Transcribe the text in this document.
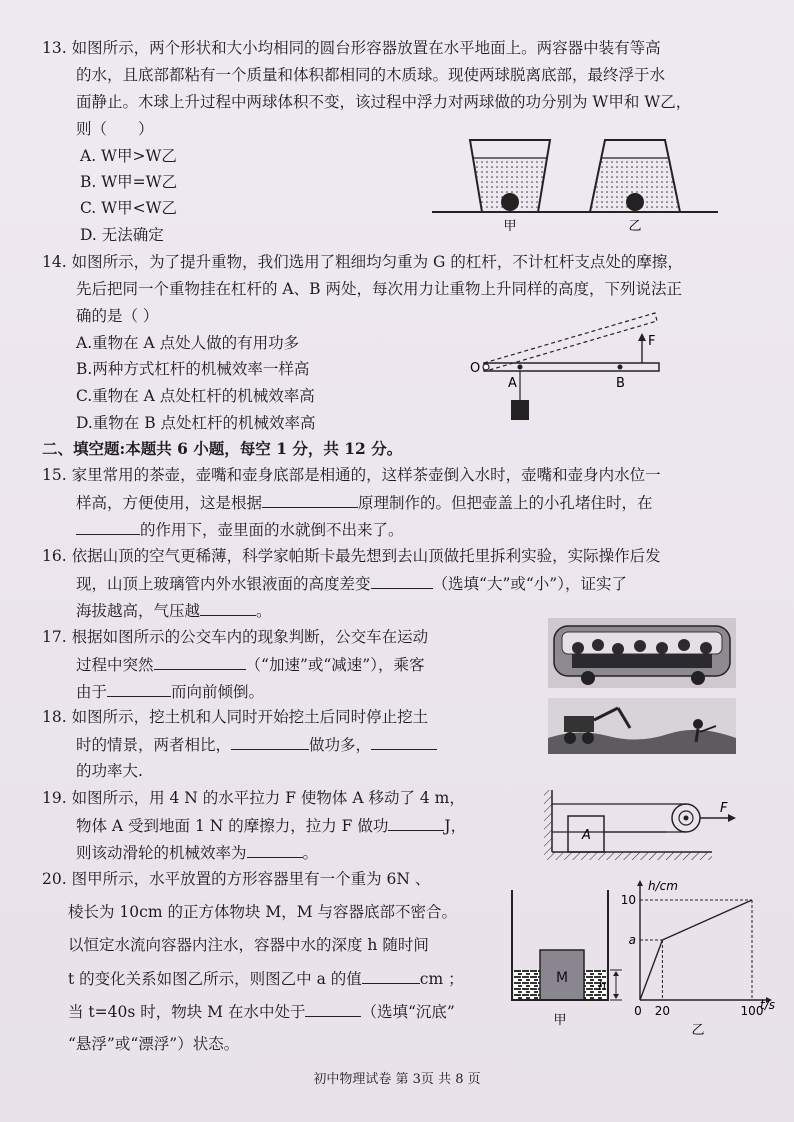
13. 如图所示，两个形状和大小均相同的圆台形容器放置在水平地面上。两容器中装有等高
的水，且底部都粘有一个质量和体积都相同的木质球。现使两球脱离底部，最终浮于水
面静止。木球上升过程中两球体积不变，该过程中浮力对两球做的功分别为 W甲和 W乙，
则（　　）
A. W甲>W乙
B. W甲=W乙
C. W甲<W乙
D. 无法确定	甲	乙
14. 如图所示，为了提升重物，我们选用了粗细均匀重为 G 的杠杆，不计杠杆支点处的摩擦，
先后把同一个重物挂在杠杆的 A、B 两处，每次用力让重物上升同样的高度，下列说法正
确的是（ ）
A.重物在 A 点处人做的有用功多
B.两种方式杠杆的机械效率一样高
C.重物在 A 点处杠杆的机械效率高
D.重物在 B 点处杠杆的机械效率高
O
A	B
F
二、填空题:本题共 6 小题，每空 1 分，共 12 分。
15. 家里常用的茶壶，壶嘴和壶身底部是相通的，这样茶壶倒入水时，壶嘴和壶身内水位一
样高，方便使用，这是根据	原理制作的。但把壶盖上的小孔堵住时，在
的作用下，壶里面的水就倒不出来了。
16. 依据山顶的空气更稀薄，科学家帕斯卡最先想到去山顶做托里拆利实验，实际操作后发
现，山顶上玻璃管内外水银液面的高度差变	（选填“大”或“小”），证实了
海拔越高，气压越	。
17. 根据如图所示的公交车内的现象判断，公交车在运动
过程中突然	（“加速”或“减速”），乘客
由于	而向前倾倒。
18. 如图所示，挖土机和人同时开始挖土后同时停止挖土
时的情景，两者相比，	做功多，
的功率大.
19. 如图所示，用 4 N 的水平拉力 F 使物体 A 移动了 4 m，
物体 A 受到地面 1 N 的摩擦力，拉力 F 做功	J，
则该动滑轮的机械效率为	。
A
F
20. 图甲所示，水平放置的方形容器里有一个重为 6N 、
棱长为 10cm 的正方体物块 M，M 与容器底部不密合。
以恒定水流向容器内注水，容器中水的深度 h 随时间
t 的变化关系如图乙所示，则图乙中 a 的值	cm ；
当 t=40s 时，物块 M 在水中处于	（选填“沉底”
“悬浮”或“漂浮”）状态。
M	h
甲
0 20	100
10
a
h/cm
t/s
乙
初中物理试卷 第 3页 共 8 页
